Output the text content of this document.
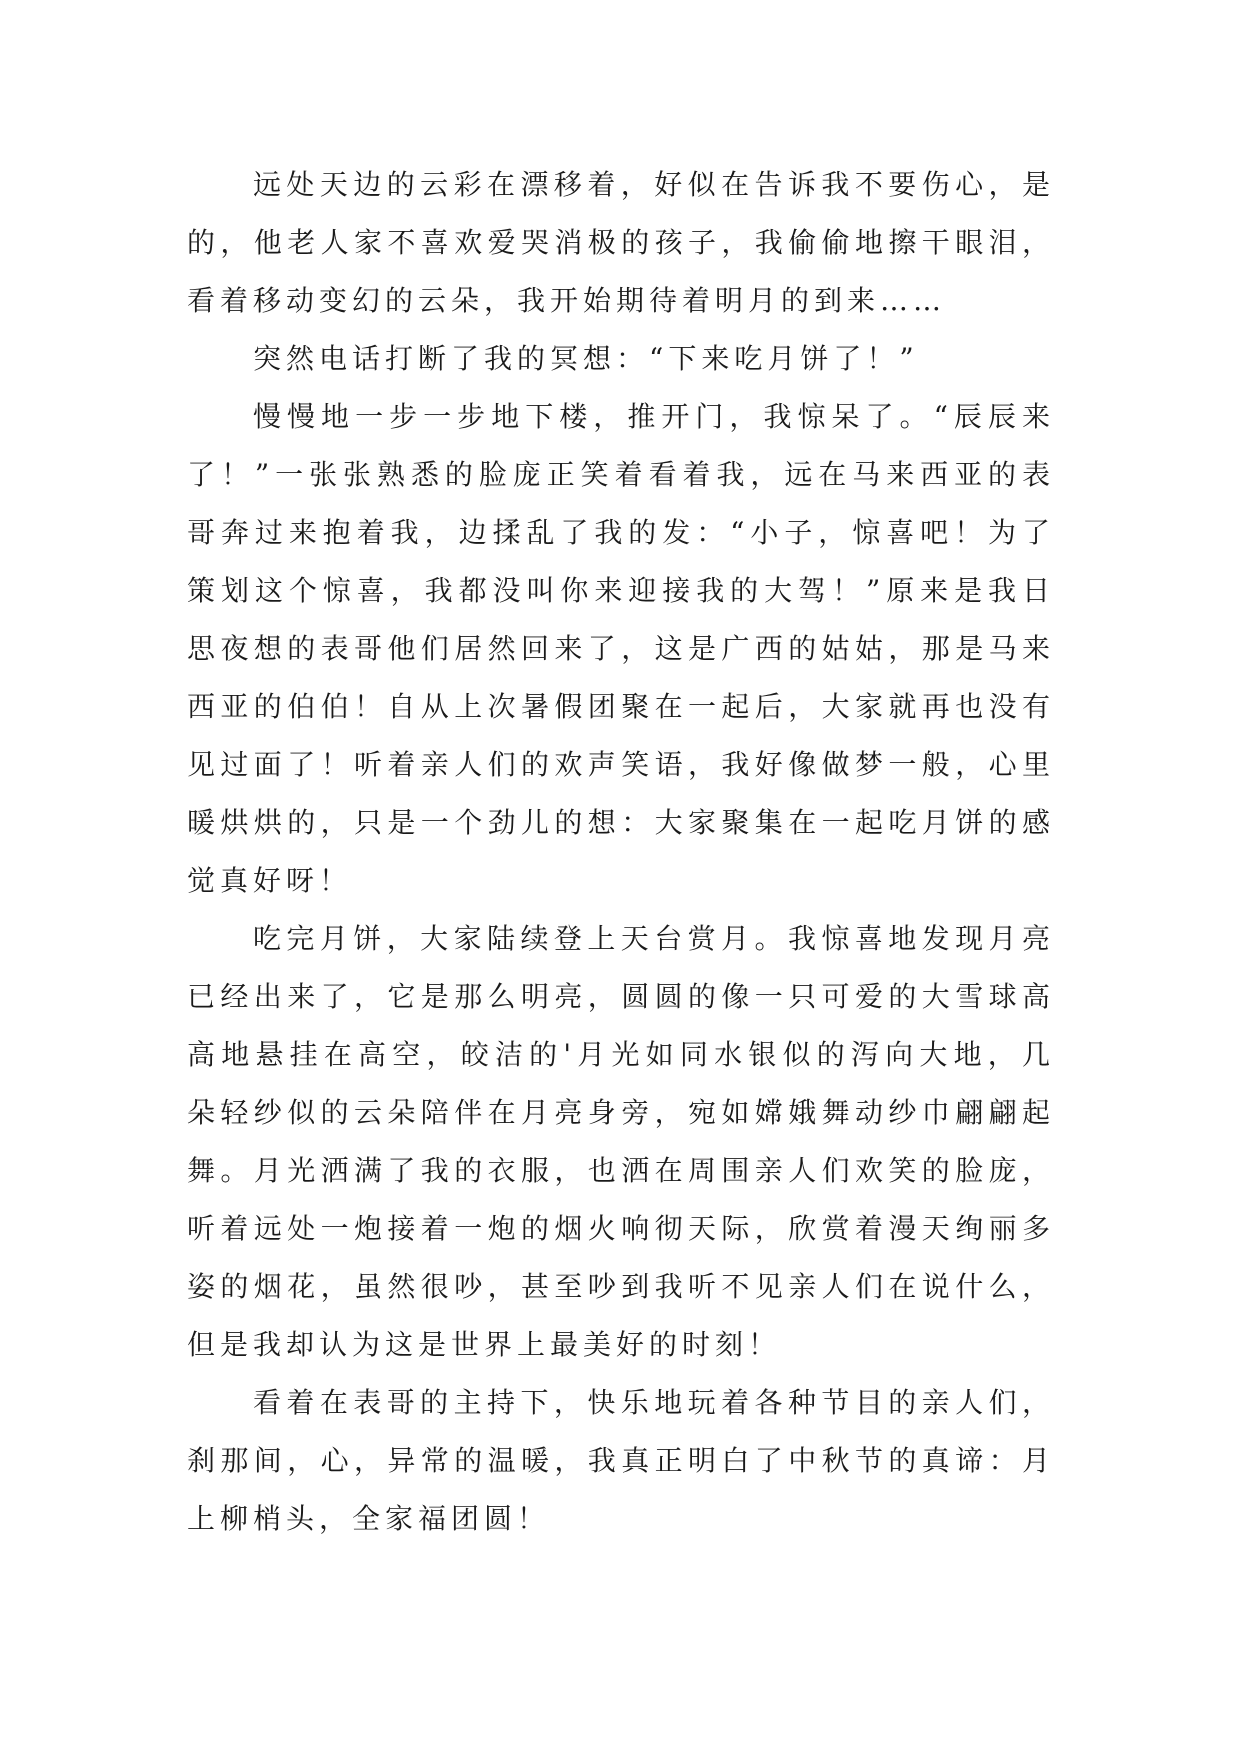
远处天边的云彩在漂移着，好似在告诉我不要伤心，是的，他老人家不喜欢爱哭消极的孩子，我偷偷地擦干眼泪，看着移动变幻的云朵，我开始期待着明月的到来……

突然电话打断了我的冥想：“下来吃月饼了！”

慢慢地一步一步地下楼，推开门，我惊呆了。“辰辰来了！”一张张熟悉的脸庞正笑着看着我，远在马来西亚的表哥奔过来抱着我，边揉乱了我的发：“小子，惊喜吧！为了策划这个惊喜，我都没叫你来迎接我的大驾！”原来是我日思夜想的表哥他们居然回来了，这是广西的姑姑，那是马来西亚的伯伯！自从上次暑假团聚在一起后，大家就再也没有见过面了！听着亲人们的欢声笑语，我好像做梦一般，心里暖烘烘的，只是一个劲儿的想：大家聚集在一起吃月饼的感觉真好呀！

吃完月饼，大家陆续登上天台赏月。我惊喜地发现月亮已经出来了，它是那么明亮，圆圆的像一只可爱的大雪球高高地悬挂在高空，皎洁的'月光如同水银似的泻向大地，几朵轻纱似的云朵陪伴在月亮身旁，宛如嫦娥舞动纱巾翩翩起舞。月光洒满了我的衣服，也洒在周围亲人们欢笑的脸庞，听着远处一炮接着一炮的烟火响彻天际，欣赏着漫天绚丽多姿的烟花，虽然很吵，甚至吵到我听不见亲人们在说什么，但是我却认为这是世界上最美好的时刻！

看着在表哥的主持下，快乐地玩着各种节目的亲人们，刹那间，心，异常的温暖，我真正明白了中秋节的真谛：月上柳梢头，全家福团圆！
